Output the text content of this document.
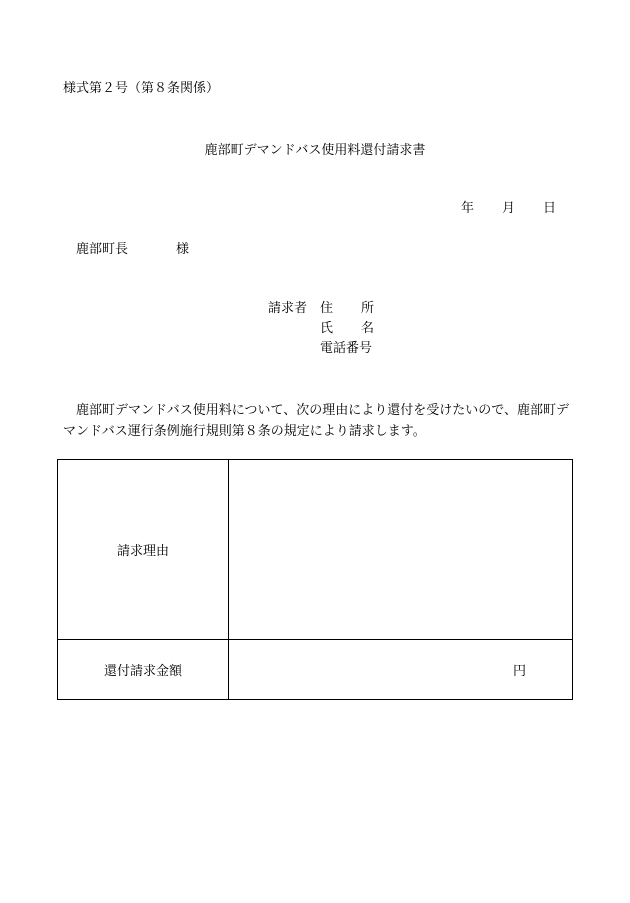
様式第２号（第８条関係）
鹿部町デマンドバス使用料還付請求書
年 月 日
鹿部町長	様
請求者 住 所
氏 名
電話番号
鹿部町デマンドバス使用料について、次の理由により還付を受けたいので、鹿部町デマンドバス運行条例施行規則第８条の規定により請求します。
請求理由	
還付請求金額	円
